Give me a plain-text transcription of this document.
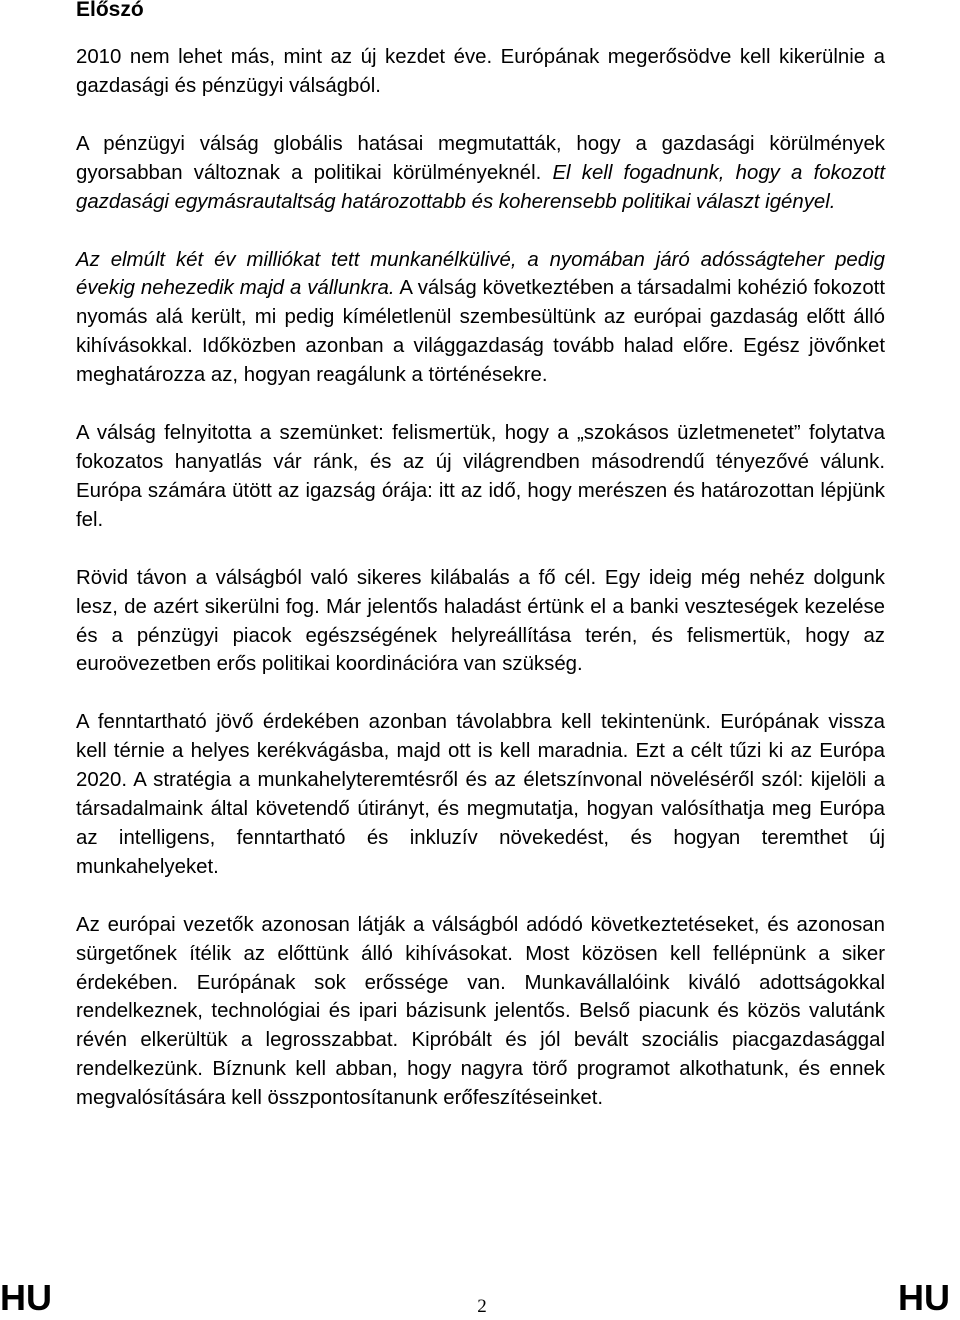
Előszó

2010 nem lehet más, mint az új kezdet éve. Európának megerősödve kell kikerülnie a gazdasági és pénzügyi válságból.

A pénzügyi válság globális hatásai megmutatták, hogy a gazdasági körülmények gyorsabban változnak a politikai körülményeknél. El kell fogadnunk, hogy a fokozott gazdasági egymásrautaltság határozottabb és koherensebb politikai választ igényel.

Az elmúlt két év milliókat tett munkanélkülivé, a nyomában járó adósságteher pedig évekig nehezedik majd a vállunkra. A válság következtében a társadalmi kohézió fokozott nyomás alá került, mi pedig kíméletlenül szembesültünk az európai gazdaság előtt álló kihívásokkal. Időközben azonban a világgazdaság tovább halad előre. Egész jövőnket meghatározza az, hogyan reagálunk a történésekre.

A válság felnyitotta a szemünket: felismertük, hogy a „szokásos üzletmenetet” folytatva fokozatos hanyatlás vár ránk, és az új világrendben másodrendű tényezővé válunk. Európa számára ütött az igazság órája: itt az idő, hogy merészen és határozottan lépjünk fel.

Rövid távon a válságból való sikeres kilábalás a fő cél. Egy ideig még nehéz dolgunk lesz, de azért sikerülni fog. Már jelentős haladást értünk el a banki veszteségek kezelése és a pénzügyi piacok egészségének helyreállítása terén, és felismertük, hogy az euroövezetben erős politikai koordinációra van szükség.

A fenntartható jövő érdekében azonban távolabbra kell tekintenünk. Európának vissza kell térnie a helyes kerékvágásba, majd ott is kell maradnia. Ezt a célt tűzi ki az Európa 2020. A stratégia a munkahelyteremtésről és az életszínvonal növeléséről szól: kijelöli a társadalmaink által követendő útirányt, és megmutatja, hogyan valósíthatja meg Európa az intelligens, fenntartható és inkluzív növekedést, és hogyan teremthet új munkahelyeket.

Az európai vezetők azonosan látják a válságból adódó következtetéseket, és azonosan sürgetőnek ítélik az előttünk álló kihívásokat. Most közösen kell fellépnünk a siker érdekében. Európának sok erőssége van. Munkavállalóink kiváló adottságokkal rendelkeznek, technológiai és ipari bázisunk jelentős. Belső piacunk és közös valutánk révén elkerültük a legrosszabbat. Kipróbált és jól bevált szociális piacgazdasággal rendelkezünk. Bíznunk kell abban, hogy nagyra törő programot alkothatunk, és ennek megvalósítására kell összpontosítanunk erőfeszítéseinket.

HU	2	HU
